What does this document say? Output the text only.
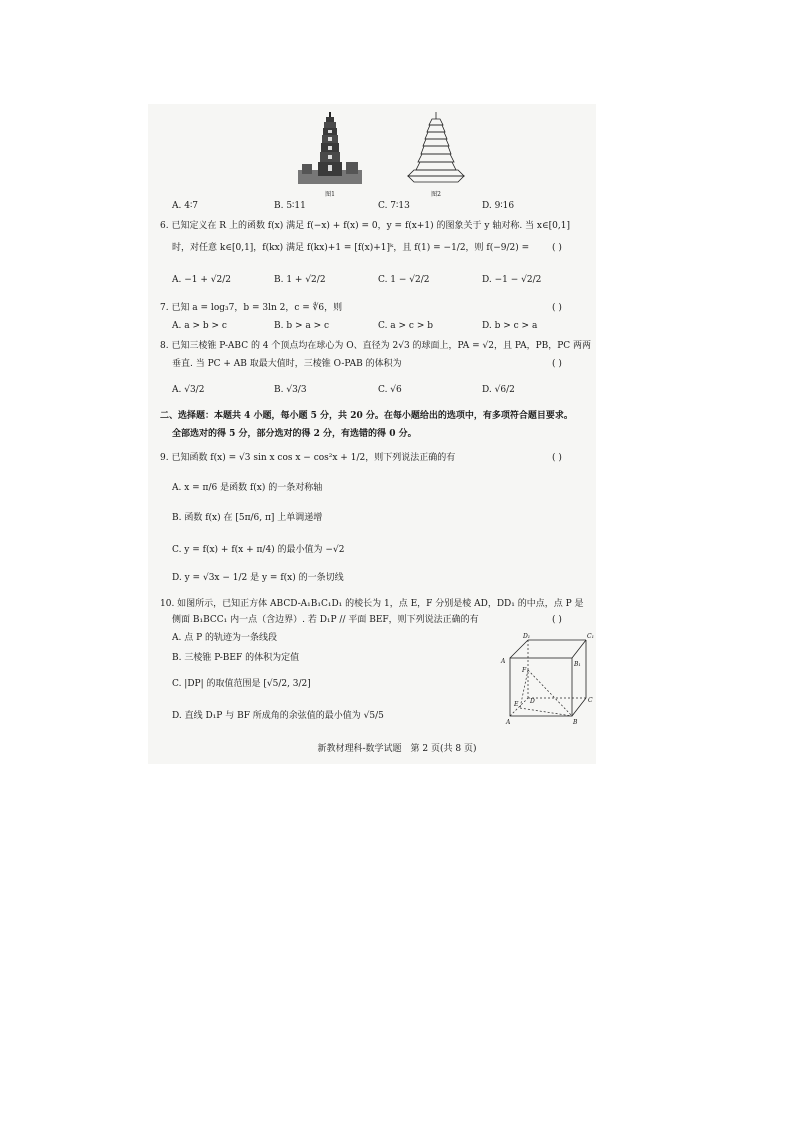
图1	图2
A. 4∶7	B. 5∶11	C. 7∶13	D. 9∶16
6. 已知定义在 R 上的函数 f(x) 满足 f(−x) + f(x) = 0，y = f(x+1) 的图象关于 y 轴对称. 当 x∈[0,1]
时，对任意 k∈[0,1]，f(kx) 满足 f(kx)+1 = [f(x)+1]ᵏ，且 f(1) = −1/2，则 f(−9/2) =	( )
A. −1 + √2/2	B. 1 + √2/2	C. 1 − √2/2	D. −1 − √2/2
7. 已知 a = log₃7，b = 3ln 2，c = ∜6，则	( )
A. a > b > c	B. b > a > c	C. a > c > b	D. b > c > a
8. 已知三棱锥 P-ABC 的 4 个顶点均在球心为 O、直径为 2√3 的球面上，PA = √2，且 PA，PB，PC 两两
垂直. 当 PC + AB 取最大值时，三棱锥 O-PAB 的体积为	( )
A. √3/2	B. √3/3	C. √6	D. √6/2
二、选择题：本题共 4 小题，每小题 5 分，共 20 分。在每小题给出的选项中，有多项符合题目要求。
全部选对的得 5 分，部分选对的得 2 分，有选错的得 0 分。
9. 已知函数 f(x) = √3 sin x cos x − cos²x + 1/2，则下列说法正确的有	( )
A. x = π/6 是函数 f(x) 的一条对称轴
B. 函数 f(x) 在 [5π/6, π] 上单调递增
C. y = f(x) + f(x + π/4) 的最小值为 −√2
D. y = √3x − 1/2 是 y = f(x) 的一条切线
10. 如图所示，已知正方体 ABCD-A₁B₁C₁D₁ 的棱长为 1，点 E，F 分别是棱 AD，DD₁ 的中点，点 P 是
侧面 B₁BCC₁ 内一点（含边界）. 若 D₁P // 平面 BEF，则下列说法正确的有	( )
A. 点 P 的轨迹为一条线段
B. 三棱锥 P-BEF 的体积为定值
C. |DP| 的取值范围是 [√5/2, 3/2]
D. 直线 D₁P 与 BF 所成角的余弦值的最小值为 √5/5
D₁	C₁
A	B₁
F
E D	C
A	B
新教材理科-数学试题　第 2 页(共 8 页)
